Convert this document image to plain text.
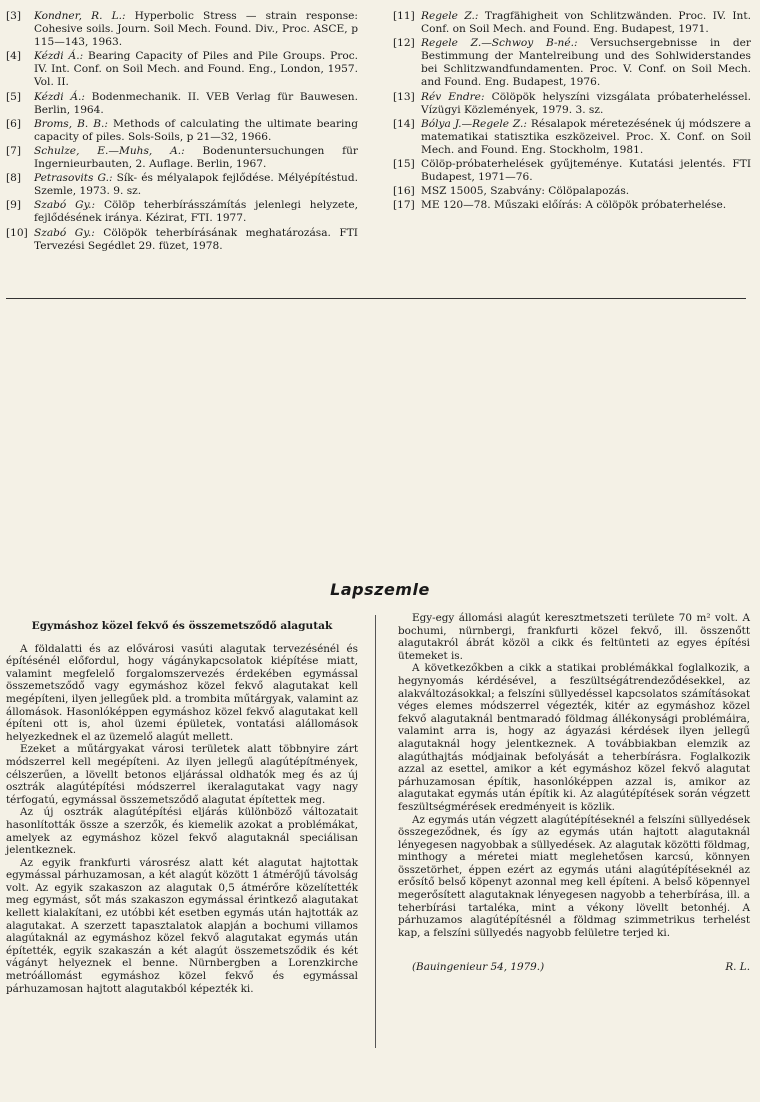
[3]	Kondner, R. L.: Hyperbolic Stress — strain response: Cohesive soils. Journ. Soil Mech. Found. Div., Proc. ASCE, p 115—143, 1963.
[4]	Kézdi Á.: Bearing Capacity of Piles and Pile Groups. Proc. IV. Int. Conf. on Soil Mech. and Found. Eng., London, 1957. Vol. II.
[5]	Kézdi Á.: Bodenmechanik. II. VEB Verlag für Bauwesen. Berlin, 1964.
[6]	Broms, B. B.: Methods of calculating the ultimate bearing capacity of piles. Sols-Soils, p 21—32, 1966.
[7]	Schulze, E.—Muhs, A.: Bodenuntersuchungen für Ingernieurbauten, 2. Auflage. Berlin, 1967.
[8]	Petrasovits G.: Sík- és mélyalapok fejlődése. Mélyépítéstud. Szemle, 1973. 9. sz.
[9]	Szabó Gy.: Cölöp teherbírásszámítás jelenlegi helyzete, fejlődésének iránya. Kézirat, FTI. 1977.
[10] Szabó Gy.: Cölöpök teherbírásának meghatározása. FTI Tervezési Segédlet 29. füzet, 1978.
[11] Regele Z.: Tragfähigheit von Schlitzwänden. Proc. IV. Int. Conf. on Soil Mech. and Found. Eng. Budapest, 1971.
[12] Regele Z.—Schwoy B-né.: Versuchsergebnisse in der Bestimmung der Mantelreibung und des Sohlwiderstandes bei Schlitzwandfundamenten. Proc. V. Conf. on Soil Mech. and Found. Eng. Budapest, 1976.
[13] Rév Endre: Cölöpök helyszíni vizsgálata próbaterheléssel. Vízügyi Közlemények, 1979. 3. sz.
[14] Bólya J.—Regele Z.: Résalapok méretezésének új módszere a matematikai statisztika eszközeivel. Proc. X. Conf. on Soil Mech. and Found. Eng. Stockholm, 1981.
[15] Cölöp-próbaterhelések gyűjteménye. Kutatási jelentés. FTI Budapest, 1971—76.
[16] MSZ 15005, Szabvány: Cölöpalapozás.
[17] ME 120—78. Műszaki előírás: A cölöpök próbaterhelése.
Lapszemle
Egymáshoz közel fekvő és összemetsződő alagutak

A földalatti és az elővárosi vasúti alagutak tervezésénél és építésénél előfordul, hogy vágánykapcsolatok kiépítése miatt, valamint megfelelő forgalomszervezés érdekében egymással összemetsződő vagy egymáshoz közel fekvő alagutakat kell megépíteni, ilyen jellegűek pld. a trombita műtárgyak, valamint az állomások. Hasonlóképpen egymáshoz közel fekvő alagutakat kell építeni ott is, ahol üzemi épületek, vontatási alállomások helyezkednek el az üzemelő alagút mellett.

Ezeket a műtárgyakat városi területek alatt többnyire zárt módszerrel kell megépíteni. Az ilyen jellegű alagútépítmények, célszerűen, a lövellt betonos eljárással oldhatók meg és az új osztrák alagútépítési módszerrel ikeralagutakat vagy nagy térfogatú, egymással összemetsződő alagutat építettek meg.

Az új osztrák alagútépítési eljárás különböző változatait hasonlították össze a szerzők, és kiemelik azokat a problémákat, amelyek az egymáshoz közel fekvő alagutaknál speciálisan jelentkeznek.

Az egyik frankfurti városrész alatt két alagutat hajtottak egymással párhuzamosan, a két alagút között 1 átmérőjű távolság volt. Az egyik szakaszon az alagutak 0,5 átmérőre közelítették meg egymást, sőt más szakaszon egymással érintkező alagutakat kellett kialakítani, ez utóbbi két esetben egymás után hajtották az alagutakat. A szerzett tapasztalatok alapján a bochumi villamos alagútaknál az egymáshoz közel fekvő alagutakat egymás után építették, egyik szakaszán a két alagút összemetsződik és két vágányt helyeznek el benne. Nürnbergben a Lorenzkirche metróállomást egymáshoz közel fekvő és egymással párhuzamosan hajtott alagutakból képezték ki.

Egy-egy állomási alagút keresztmetszeti területe 70 m² volt. A bochumi, nürnbergi, frankfurti közel fekvő, ill. összenőtt alagutakról ábrát közöl a cikk és feltünteti az egyes építési ütemeket is.

A következőkben a cikk a statikai problémákkal foglalkozik, a hegynyomás kérdésével, a feszültségátrendeződésekkel, az alakváltozásokkal; a felszíni süllyedéssel kapcsolatos számításokat véges elemes módszerrel végezték, kitér az egymáshoz közel fekvő alagutaknál bentmaradó földmag állékonysági problémáira, valamint arra is, hogy az ágyazási kérdések ilyen jellegű alagutaknál hogy jelentkeznek. A továbbiakban elemzik az alagúthajtás módjainak befolyását a teherbírásra. Foglalkozik azzal az esettel, amikor a két egymáshoz közel fekvő alagutat párhuzamosan építik, hasonlóképpen azzal is, amikor az alagutakat egymás után építik ki. Az alagútépítések során végzett feszültségmérések eredményeit is közlik.

Az egymás után végzett alagútépítéseknél a felszíni süllyedések összegeződnek, és így az egymás után hajtott alagutaknál lényegesen nagyobbak a süllyedések. Az alagutak közötti földmag, minthogy a méretei miatt meglehetősen karcsú, könnyen összetörhet, éppen ezért az egymás utáni alagútépítéseknél az erősítő belső köpenyt azonnal meg kell építeni. A belső köpennyel megerősített alagutaknak lényegesen nagyobb a teherbírása, ill. a teherbírási tartaléka, mint a vékony lövellt betonhéj. A párhuzamos alagútépítésnél a földmag szimmetrikus terhelést kap, a felszíni süllyedés nagyobb felületre terjed ki.

(Bauingenieur 54, 1979.)	R. L.
